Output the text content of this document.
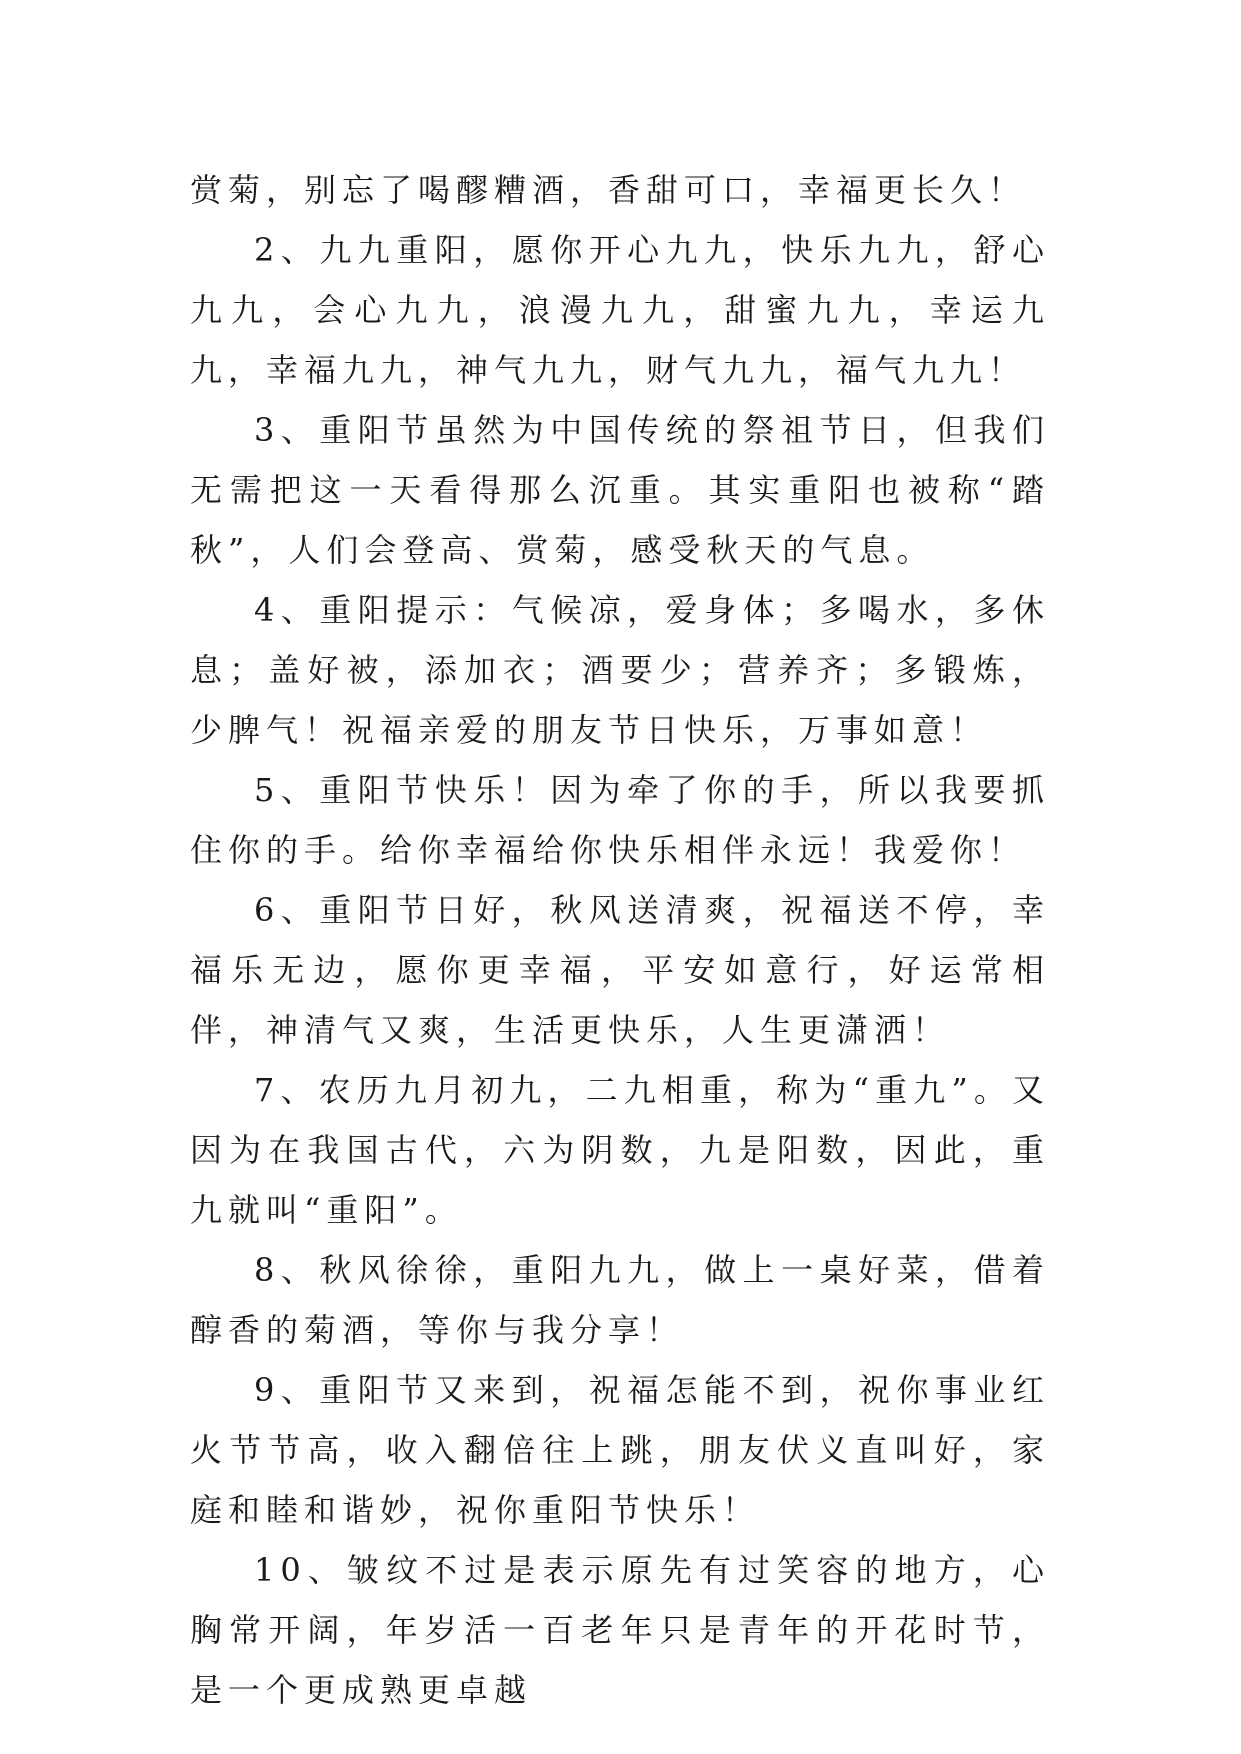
赏菊，别忘了喝醪糟酒，香甜可口，幸福更长久！

2、九九重阳，愿你开心九九，快乐九九，舒心九九，会心九九，浪漫九九，甜蜜九九，幸运九九，幸福九九，神气九九，财气九九，福气九九！

3、重阳节虽然为中国传统的祭祖节日，但我们无需把这一天看得那么沉重。其实重阳也被称“踏秋”，人们会登高、赏菊，感受秋天的气息。

4、重阳提示：气候凉，爱身体；多喝水，多休息；盖好被，添加衣；酒要少；营养齐；多锻炼，少脾气！祝福亲爱的朋友节日快乐，万事如意！

5、重阳节快乐！因为牵了你的手，所以我要抓住你的手。给你幸福给你快乐相伴永远！我爱你！

6、重阳节日好，秋风送清爽，祝福送不停，幸福乐无边，愿你更幸福，平安如意行，好运常相伴，神清气又爽，生活更快乐，人生更潇洒！

7、农历九月初九，二九相重，称为“重九”。又因为在我国古代，六为阴数，九是阳数，因此，重九就叫“重阳”。

8、秋风徐徐，重阳九九，做上一桌好菜，借着醇香的菊酒，等你与我分享！

9、重阳节又来到，祝福怎能不到，祝你事业红火节节高，收入翻倍往上跳，朋友伏义直叫好，家庭和睦和谐妙，祝你重阳节快乐！

10、皱纹不过是表示原先有过笑容的地方，心胸常开阔，年岁活一百老年只是青年的开花时节，是一个更成熟更卓越
